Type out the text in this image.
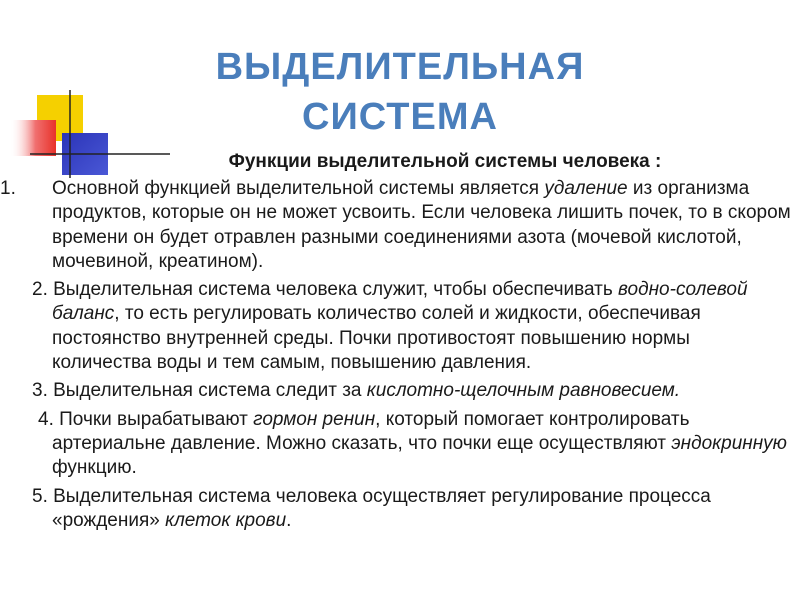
ВЫДЕЛИТЕЛЬНАЯ
СИСТЕМА
Функции выделительной системы человека :
1.	Основной функцией выделительной системы является удаление из организма продуктов, которые он не может усвоить. Если человека лишить почек, то в скором времени он будет отравлен разными соединениями азота (мочевой кислотой, мочевиной, креатином).
2. Выделительная система человека служит, чтобы обеспечивать водно-солевой баланс, то есть регулировать количество солей и жидкости, обеспечивая постоянство внутренней среды. Почки противостоят повышению нормы количества воды и тем самым, повышению давления.
3. Выделительная система следит за кислотно-щелочным равновесием.
4. Почки вырабатывают гормон ренин, который помогает контролировать артериальне давление. Можно сказать, что почки еще осуществляют эндокринную функцию.
5. Выделительная система человека осуществляет регулирование процесса «рождения» клеток крови.
